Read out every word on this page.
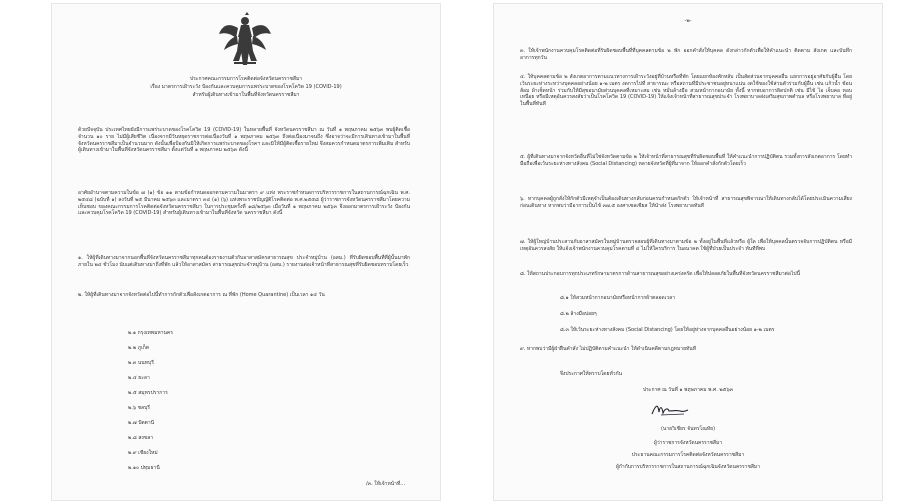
ประกาศคณะกรรมการโรคติดต่อจังหวัดนครราชสีมา
เรื่อง มาตรการเฝ้าระวัง ป้องกันและควบคุมการแพร่ระบาดของโรคโควิด 19 (COVID-19)
สำหรับผู้เดินทางเข้ามาในพื้นที่จังหวัดนครราชสีมา
ด้วยปัจจุบัน ประเทศไทยยังมีการแพร่ระบาดของโรคโควิด 19 (COVID-19) ในหลายพื้นที่ จังหวัดนครราชสีมา ณ วันที่ ๑ พฤษภาคม ๒๕๖๓ พบผู้ติดเชื้อจำนวน ๑๐ ราย ไม่มีผู้เสียชีวิต เนื่องจากมีวันหยุดราชการต่อเนื่องวันที่ ๑ พฤษภาคม ๒๕๖๓ ถึงต่อเนื่องมาจนถึง ซึ่งอาจว่าจะมีการเดินทางเข้ามาในพื้นที่ จังหวัดนครราชสีมาเป็นจำนวนมาก ดังนั้นเพื่อป้องกันมิให้เกิดการแพร่ระบาดของโรคฯ และมิให้มีผู้ติดเชื้อรายใหม่ จึงสมควรกำหนดมาตรการเพิ่มเติม สำหรับผู้เดินทางเข้ามาในพื้นที่จังหวัดนครราชสีมา ตั้งแต่วันที่ ๑ พฤษภาคม ๒๕๖๓ ดังนี้
อาศัยอำนาจตามความในข้อ ๗ (๑) ข้อ ๑๑ ตามข้อกำหนดออกตามความในมาตรา ๙ แห่ง พระราชกำหนดการบริหารราชการในสถานการณ์ฉุกเฉิน พ.ศ. ๒๕๔๘ (ฉบับที่ ๑) ลงวันที่ ๒๕ มีนาคม ๒๕๖๓ และมาตรา ๓๔ (๑) (๖) แห่งพระราชบัญญัติโรคติดต่อ พ.ศ.๒๕๕๘ ผู้ว่าราชการจังหวัดนครราชสีมาโดยความเห็นชอบ ของคณะกรรมการโรคติดต่อจังหวัดนครราชสีมา ในการประชุมครั้งที่ ๑๘/๒๕๖๓ เมื่อวันที่ ๑ พฤษภาคม ๒๕๖๓ จึงออกมาตรการเฝ้าระวัง ป้องกัน และควบคุมโรคโควิด 19 (COVID-19) สำหรับผู้เดินทางเข้ามาในพื้นที่จังหวัด นครราชสีมา ดังนี้
๑. ให้ผู้ที่เดินทางมาจากนอกพื้นที่จังหวัดนครราชสีมาทุกคนต้องรายงานตัวกับอาสาสมัครสาธารณสุข ประจำหมู่บ้าน (อสม.) ที่รับผิดชอบพื้นที่ที่ผู้นั้นมาพัก ภายใน ๒๔ ชั่วโมง นับแต่เดินทางมาถึงที่พัก แล้วให้อาสาสมัคร สาธารณสุขประจำหมู่บ้าน (อสม.) รายงานต่อเจ้าหน้าที่สาธารณสุขที่รับผิดชอบทราบโดยเร็ว
๒. ให้ผู้ที่เดินทางมาจากจังหวัดต่อไปนี้ทำการกักตัวเพื่อสังเกตอาการ ณ ที่พัก (Home Quarantine) เป็นเวลา ๑๔ วัน
๒.๑ กรุงเทพมหานคร
๒.๒ ภูเก็ต
๒.๓ นนทบุรี
๒.๔ ยะลา
๒.๕ สมุทรปราการ
๒.๖ ชลบุรี
๒.๗ ปัตตานี
๒.๘ สงขลา
๒.๙ เชียงใหม่
๒.๑๐ ปทุมธานี
/๓. ให้เจ้าหน้าที่...
-๒-
๓. ให้เจ้าพนักงานควบคุมโรคติดต่อที่รับผิดชอบพื้นที่ที่บุคคลตามข้อ ๒ พัก ออกคำสั่งให้บุคคล ดังกล่าวกักตัวเพื่อให้คำแนะนำ ติดตาม สังเกต และบันทึกอาการทุกวัน
๔. ให้บุคคลตามข้อ ๒ สังเกตอาการตามแนวทางการเฝ้าระวังอยู่ที่บ้านหรือที่พัก โดยแยกห้องพักหลับ เป็นสัดส่วนจากบุคคลอื่น แยกการอยู่อาศัยกับผู้อื่น โดยเว้นระยะห่างระหว่างบุคคลอย่างน้อย ๑-๒ เมตร งดการไปที่ สาธารณะ หรือสถานที่มีประชาชนอยู่หนาแน่น งดใช้ของใช้ส่วนตัวร่วมกับผู้อื่น เช่น แก้วน้ำ ช้อนส้อม ผ้าเช็ดหน้า ร่วมกับให้มีสุขอนามัยส่วนบุคคลที่เหมาะสม เช่น หมั่นล้างมือ สวมหน้ากากอนามัย ทั้งนี้ หากพบอาการผิดปกติ เช่น มีไข้ ไอ เจ็บคอ หอบ เหนื่อย หรือมีเหตุอันควรสงสัยว่าเป็นโรคโควิด 19 (COVID-19) ให้แจ้งเจ้าหน้าที่สาธารณสุขประจำ โรงพยาบาลส่งเสริมสุขภาพตำบล หรือโรงพยาบาล ที่อยู่ในพื้นที่ทันที
๕. ผู้ที่เดินทางมาจากจังหวัดอื่นที่ไม่ใช่จังหวัดตามข้อ ๒ ให้เจ้าหน้าที่สาธารณสุขที่รับผิดชอบพื้นที่ ให้คำแนะนำการปฏิบัติตน รวมทั้งการสังเกตอาการ โดยทำมือถือเพื่อเว้นระยะห่างทางสังคม (Social Distancing) หลายจังหวัดที่ผู้ที่มาจาก ให้ออกคำสั่งกักตัวโดยเร็ว
๖. หากบุคคลผู้ถูกสั่งให้กักตัวมีเหตุจำเป็นต้องเดินทางกลับก่อนครบกำหนดกักตัว ให้เจ้าหน้าที่ สาธารณสุขพิจารณาให้เดินทางกลับได้โดยประเมินความเสี่ยงก่อนเดินทาง หากพบว่ามีอาการเป็นไข้ ๓๗.๕ องศาเซลเซียส ให้นำส่ง โรงพยาบาลทันที
๗. ให้ผู้ใหญ่บ้านประสานกับอาสาสมัครในหมู่บ้านตรวจสอบผู้ที่เดินทางมาตามข้อ ๒ ทั้งอยู่ในพื้นที่แล้วหรือ ผู้ใด เพื่อให้บุคคลนั้นตรวจจับการปฏิบัติตน หรือมีเหตุอันควรสงสัย ให้แจ้งเจ้าพนักงานควบคุมโรคตามที่ ๔ ไม่ให้ใครบริการ ในอนาคต ใช้ผู้ที่ป่วยเป็นประจำ ทันทีที่พบ
๘. ให้สถานประกอบการทุกประเภทรักษามาตรการด้านสาธารณสุขอย่างเคร่งครัด เพื่อให้ปลอดภัยในพื้นที่จังหวัดนครราชสีมาต่อไปนี้
๘.๑ ให้สวมหน้ากากอนามัยหรือหน้ากากผ้าตลอดเวลา
๘.๒ ล้างมือบ่อยๆ
๘.๓ ให้เว้นระยะห่างทางสังคม (Social Distancing) โดยให้อยู่ห่างจากบุคคลอื่นอย่างน้อย ๑-๒ เมตร
๙. หากพบว่ามีผู้ฝ่าฝืนคำสั่ง ไม่ปฏิบัติตามคำแนะนำ ให้ดำเนินคดีตามกฎหมายทันที
จึงประกาศให้ทราบโดยทั่วกัน
ประกาศ ณ วันที่ ๑ พฤษภาคม พ.ศ. ๒๕๖๓
(นายวิเชียร จันทรโณทัย)
ผู้ว่าราชการจังหวัดนครราชสีมา
ประธานคณะกรรมการโรคติดต่อจังหวัดนครราชสีมา
ผู้กำกับการบริหารราชการในสถานการณ์ฉุกเฉินจังหวัดนครราชสีมา
